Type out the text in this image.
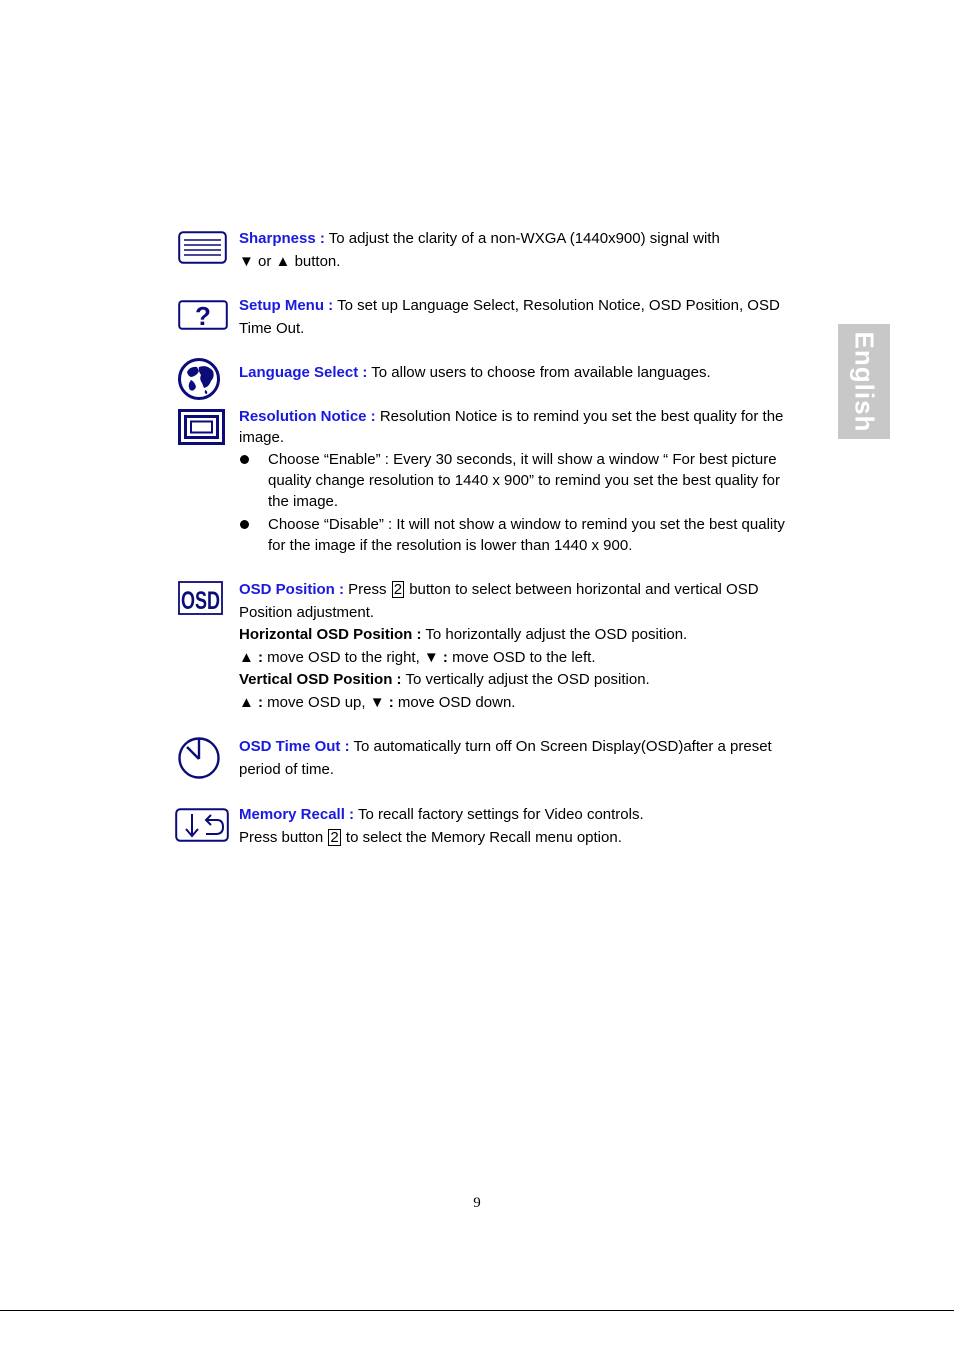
English
Sharpness : To adjust the clarity of a non-WXGA (1440x900) signal with
▼ or ▲ button.
? Setup Menu : To set up Language Select, Resolution Notice, OSD Position, OSD Time Out.
Language Select : To allow users to choose from available languages.
Resolution Notice : Resolution Notice is to remind you set the best quality for the image.
Choose “Enable” : Every 30 seconds, it will show a window “ For best picture quality change resolution to 1440 x 900” to remind you set the best quality for the image.
Choose “Disable” : It will not show a window to remind you set the best quality for the image if the resolution is lower than 1440 x 900.
OSD OSD Position : Press 2 button to select between horizontal and vertical OSD Position adjustment.
Horizontal OSD Position : To horizontally adjust the OSD position.
▲ : move OSD to the right, ▼ : move OSD to the left.
Vertical OSD Position : To vertically adjust the OSD position.
▲ : move OSD up, ▼ : move OSD down.
OSD Time Out : To automatically turn off On Screen Display(OSD)after a preset period of time.
Memory Recall : To recall factory settings for Video controls.
Press button 2 to select the Memory Recall menu option.
9
